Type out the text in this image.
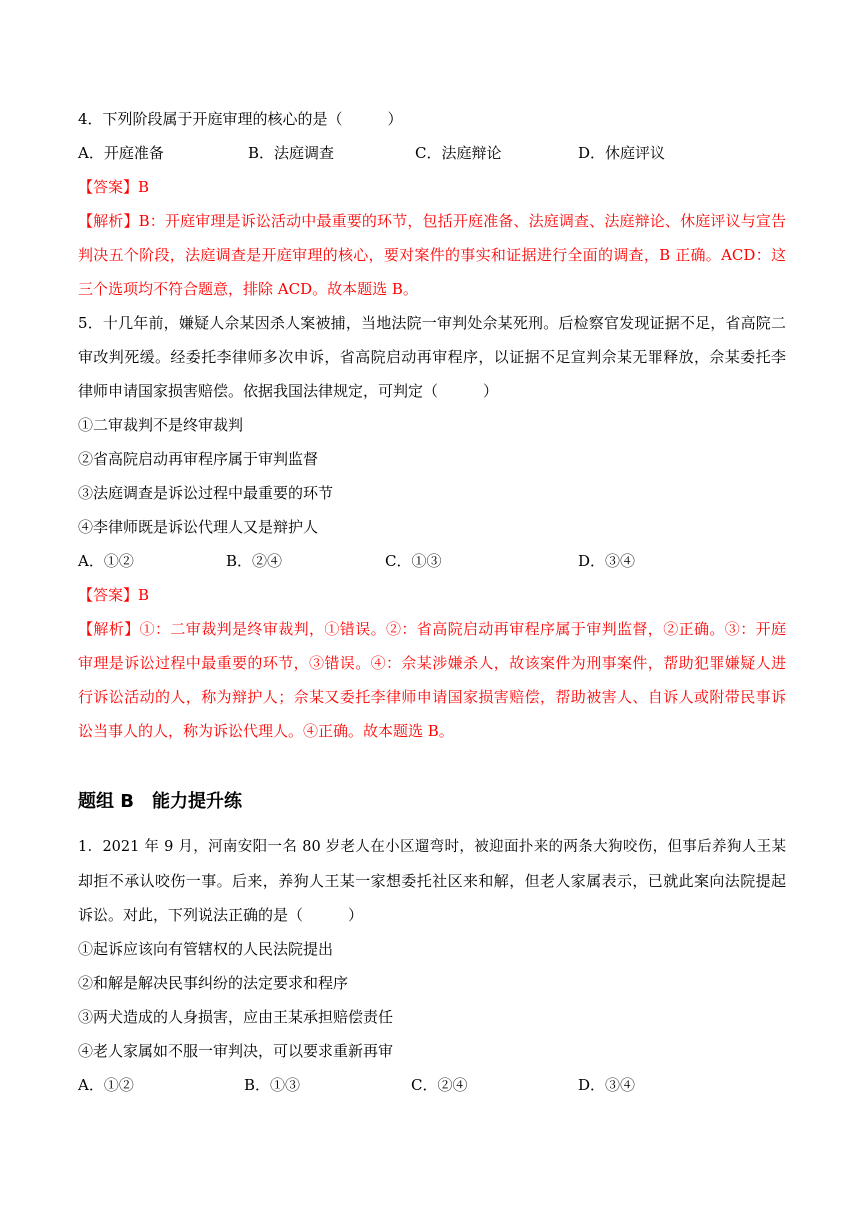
4．下列阶段属于开庭审理的核心的是（　　　）
A．开庭准备	B．法庭调查	C．法庭辩论	D．休庭评议
【答案】B
【解析】B：开庭审理是诉讼活动中最重要的环节，包括开庭准备、法庭调查、法庭辩论、休庭评议与宣告
判决五个阶段，法庭调查是开庭审理的核心，要对案件的事实和证据进行全面的调查，B 正确。ACD：这
三个选项均不符合题意，排除 ACD。故本题选 B。
5．十几年前，嫌疑人佘某因杀人案被捕，当地法院一审判处佘某死刑。后检察官发现证据不足，省高院二
审改判死缓。经委托李律师多次申诉，省高院启动再审程序，以证据不足宣判佘某无罪释放，佘某委托李
律师申请国家损害赔偿。依据我国法律规定，可判定（　　　）
①二审裁判不是终审裁判
②省高院启动再审程序属于审判监督
③法庭调查是诉讼过程中最重要的环节
④李律师既是诉讼代理人又是辩护人
A．①②	B．②④	C．①③	D．③④
【答案】B
【解析】①：二审裁判是终审裁判，①错误。②：省高院启动再审程序属于审判监督，②正确。③：开庭
审理是诉讼过程中最重要的环节，③错误。④：佘某涉嫌杀人，故该案件为刑事案件，帮助犯罪嫌疑人进
行诉讼活动的人，称为辩护人；佘某又委托李律师申请国家损害赔偿，帮助被害人、自诉人或附带民事诉
讼当事人的人，称为诉讼代理人。④正确。故本题选 B。
题组 B　能力提升练
1．2021 年 9 月，河南安阳一名 80 岁老人在小区遛弯时，被迎面扑来的两条大狗咬伤，但事后养狗人王某
却拒不承认咬伤一事。后来，养狗人王某一家想委托社区来和解，但老人家属表示，已就此案向法院提起
诉讼。对此，下列说法正确的是（　　　）
①起诉应该向有管辖权的人民法院提出
②和解是解决民事纠纷的法定要求和程序
③两犬造成的人身损害，应由王某承担赔偿责任
④老人家属如不服一审判决，可以要求重新再审
A．①②	B．①③	C．②④	D．③④
